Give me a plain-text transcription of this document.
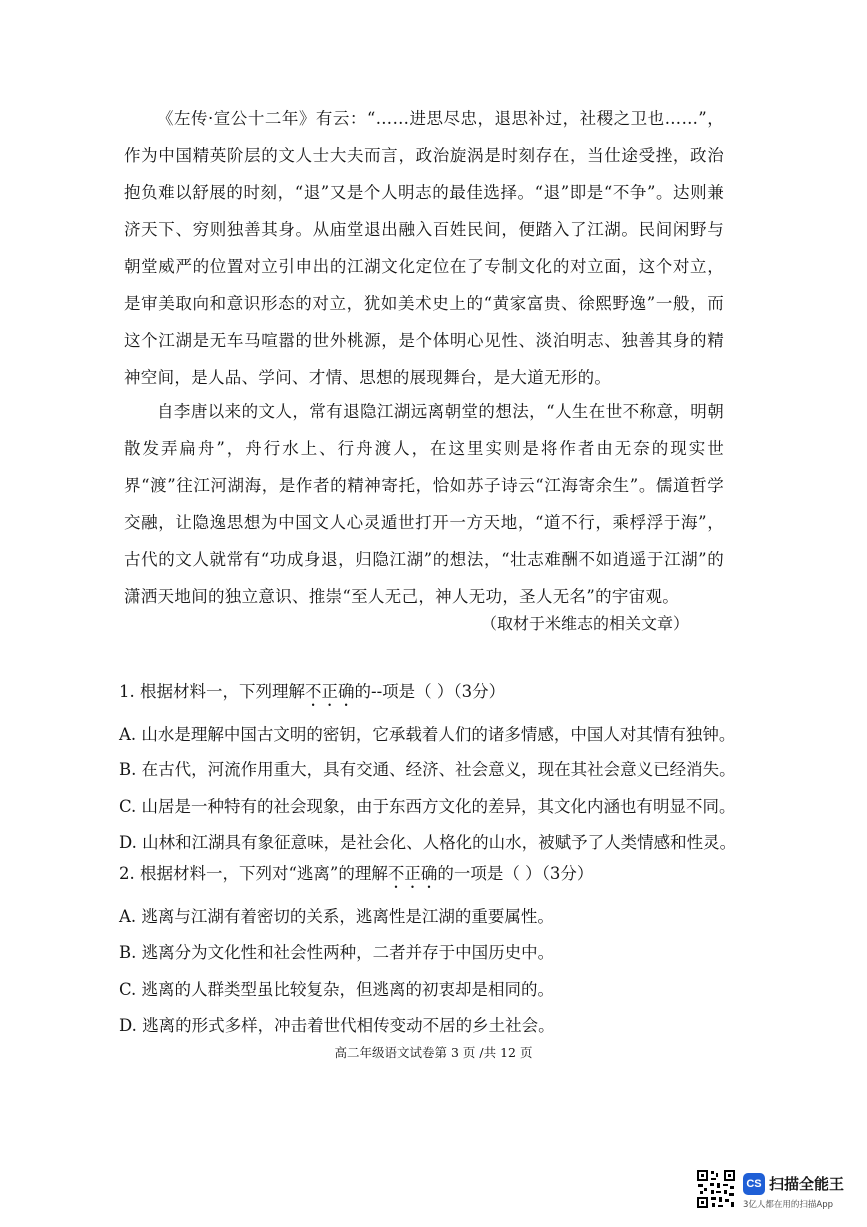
《左传·宣公十二年》有云：“……进思尽忠，退思补过，社稷之卫也……”，作为中国精英阶层的文人士大夫而言，政治旋涡是时刻存在，当仕途受挫，政治抱负难以舒展的时刻，“退”又是个人明志的最佳选择。“退”即是“不争”。达则兼济天下、穷则独善其身。从庙堂退出融入百姓民间，便踏入了江湖。民间闲野与朝堂威严的位置对立引申出的江湖文化定位在了专制文化的对立面，这个对立，是审美取向和意识形态的对立，犹如美术史上的“黄家富贵、徐熙野逸”一般，而这个江湖是无车马喧嚣的世外桃源，是个体明心见性、淡泊明志、独善其身的精神空间，是人品、学问、才情、思想的展现舞台，是大道无形的。

自李唐以来的文人，常有退隐江湖远离朝堂的想法，“人生在世不称意，明朝散发弄扁舟”，舟行水上、行舟渡人，在这里实则是将作者由无奈的现实世界“渡”往江河湖海，是作者的精神寄托，恰如苏子诗云“江海寄余生”。儒道哲学交融，让隐逸思想为中国文人心灵遁世打开一方天地，“道不行，乘桴浮于海”，古代的文人就常有“功成身退，归隐江湖”的想法，“壮志难酬不如逍遥于江湖”的潇洒天地间的独立意识、推崇“至人无己，神人无功，圣人无名”的宇宙观。

（取材于米维志的相关文章）

1. 根据材料一，下列理解不正确的--项是（ ）（3分）

A. 山水是理解中国古文明的密钥，它承载着人们的诸多情感，中国人对其情有独钟。

B. 在古代，河流作用重大，具有交通、经济、社会意义，现在其社会意义已经消失。

C. 山居是一种特有的社会现象，由于东西方文化的差异，其文化内涵也有明显不同。

D. 山林和江湖具有象征意味，是社会化、人格化的山水，被赋予了人类情感和性灵。

2. 根据材料一，下列对“逃离”的理解不正确的一项是（ ）（3分）

A. 逃离与江湖有着密切的关系，逃离性是江湖的重要属性。

B. 逃离分为文化性和社会性两种，二者并存于中国历史中。

C. 逃离的人群类型虽比较复杂，但逃离的初衷却是相同的。

D. 逃离的形式多样，冲击着世代相传变动不居的乡土社会。

高二年级语文试卷第 3 页 /共 12 页

CS 扫描全能王
3亿人都在用的扫描App
